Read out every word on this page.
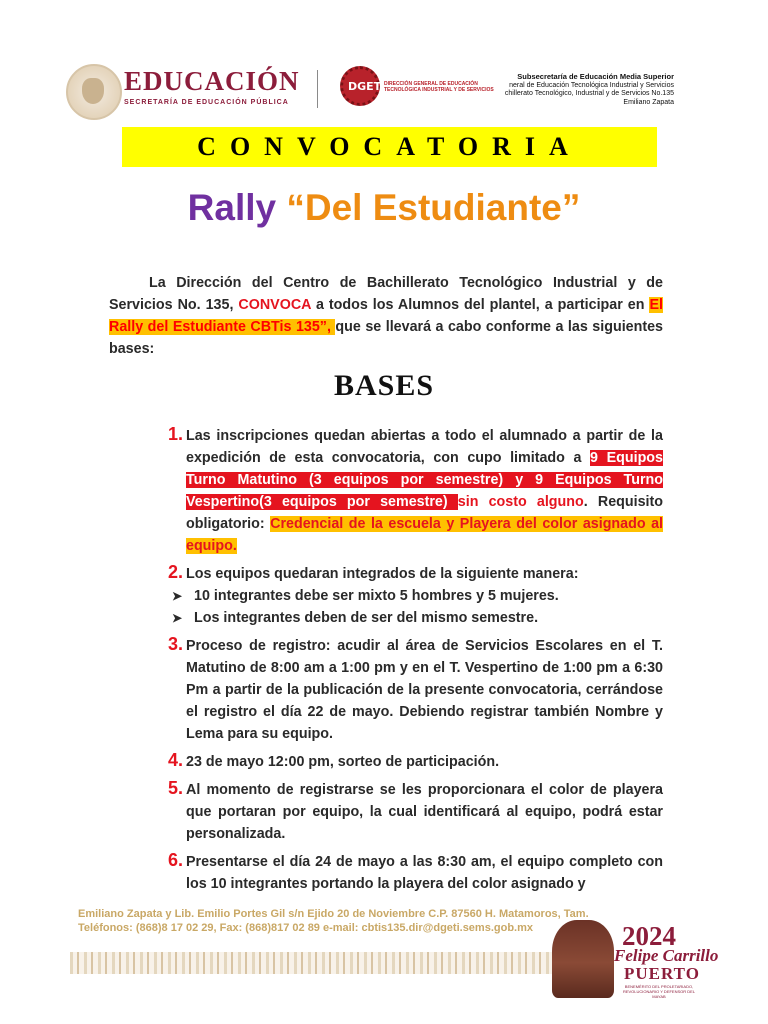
EDUCACIÓN
SECRETARÍA DE EDUCACIÓN PÚBLICA
DGETI
DIRECCIÓN GENERAL DE EDUCACIÓN TECNOLÓGICA INDUSTRIAL Y DE SERVICIOS
Subsecretaría de Educación Media Superior
neral de Educación Tecnológica Industrial y Servicios
chillerato Tecnológico, Industrial y de Servicios No.135
Emiliano Zapata
CONVOCATORIA
Rally “Del Estudiante”
La Dirección del Centro de Bachillerato Tecnológico Industrial y de Servicios No. 135, CONVOCA a todos los Alumnos del plantel, a participar en El Rally del Estudiante CBTis 135”, que se llevará a cabo conforme a las siguientes bases:
BASES
1. Las inscripciones quedan abiertas a todo el alumnado a partir de la expedición de esta convocatoria, con cupo limitado a 9 Equipos Turno Matutino (3 equipos por semestre) y 9 Equipos Turno Vespertino(3 equipos por semestre) sin costo alguno. Requisito obligatorio: Credencial de la escuela y Playera del color asignado al equipo.
2. Los equipos quedaran integrados de la siguiente manera:
➤ 10 integrantes debe ser mixto 5 hombres y 5 mujeres.
➤ Los integrantes deben de ser del mismo semestre.
3. Proceso de registro: acudir al área de Servicios Escolares en el T. Matutino de 8:00 am a 1:00 pm y en el T. Vespertino de 1:00 pm a 6:30 Pm a partir de la publicación de la presente convocatoria, cerrándose el registro el día 22 de mayo. Debiendo registrar también Nombre y Lema para su equipo.
4. 23 de mayo 12:00 pm, sorteo de participación.
5. Al momento de registrarse se les proporcionara el color de playera que portaran por equipo, la cual identificará al equipo, podrá estar personalizada.
6. Presentarse el día 24 de mayo a las 8:30 am, el equipo completo con los 10 integrantes portando la playera del color asignado y
Emiliano Zapata y Lib. Emilio Portes Gil s/n Ejido 20 de Noviembre C.P. 87560 H. Matamoros, Tam.
Teléfonos: (868)8 17 02 29, Fax: (868)817 02 89 e-mail: cbtis135.dir@dgeti.sems.gob.mx	2024
Felipe Carrillo
PUERTO
BENEMÉRITO DEL PROLETARIADO, REVOLUCIONARIO Y DEFENSOR DEL MAYAB
